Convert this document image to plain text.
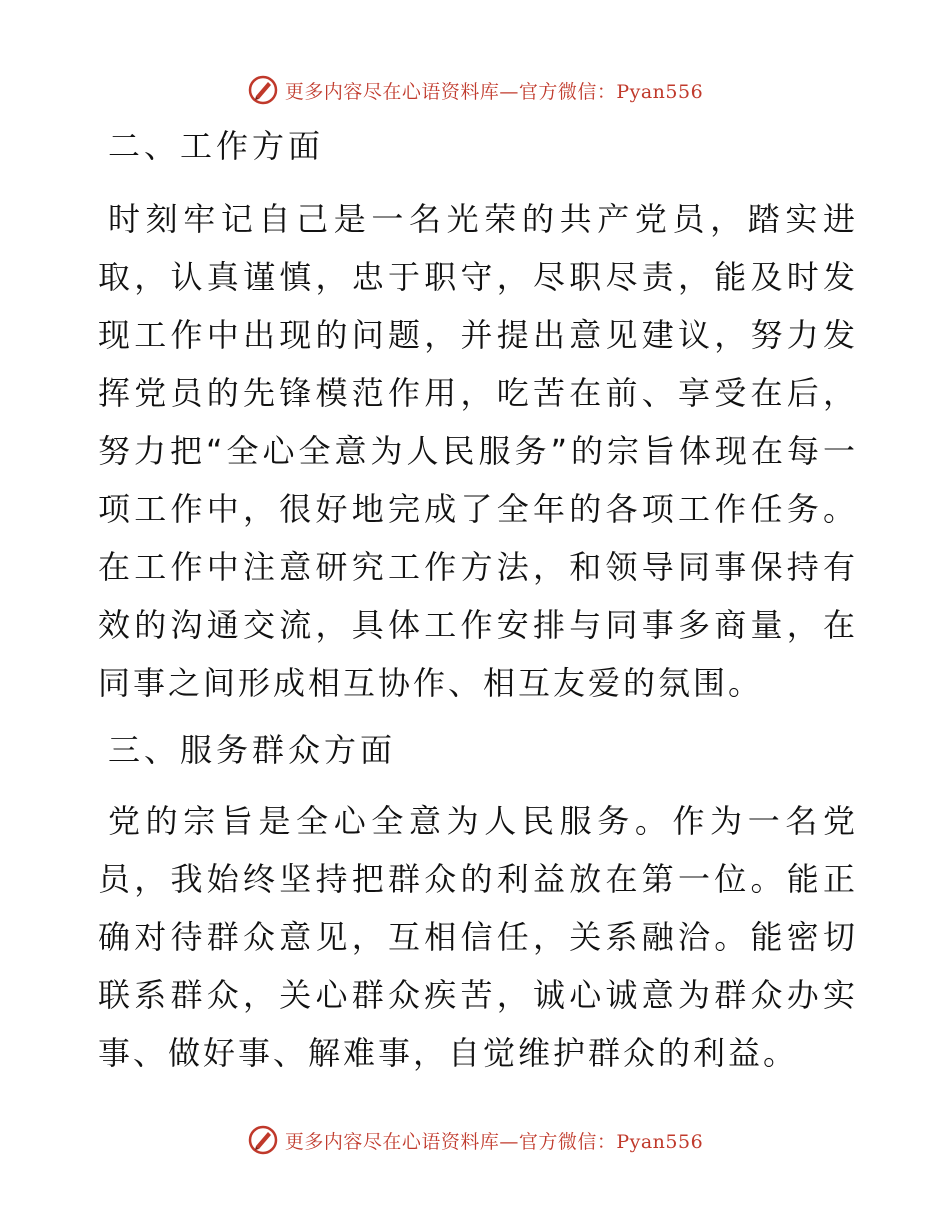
更多内容尽在心语资料库—官方微信：Pyan556
二、工作方面

时刻牢记自己是一名光荣的共产党员，踏实进取，认真谨慎，忠于职守，尽职尽责，能及时发现工作中出现的问题，并提出意见建议，努力发挥党员的先锋模范作用，吃苦在前、享受在后，努力把“全心全意为人民服务”的宗旨体现在每一项工作中，很好地完成了全年的各项工作任务。在工作中注意研究工作方法，和领导同事保持有效的沟通交流，具体工作安排与同事多商量，在同事之间形成相互协作、相互友爱的氛围。

三、服务群众方面

党的宗旨是全心全意为人民服务。作为一名党员，我始终坚持把群众的利益放在第一位。能正确对待群众意见，互相信任，关系融洽。能密切联系群众，关心群众疾苦，诚心诚意为群众办实事、做好事、解难事，自觉维护群众的利益。

更多内容尽在心语资料库—官方微信：Pyan556
